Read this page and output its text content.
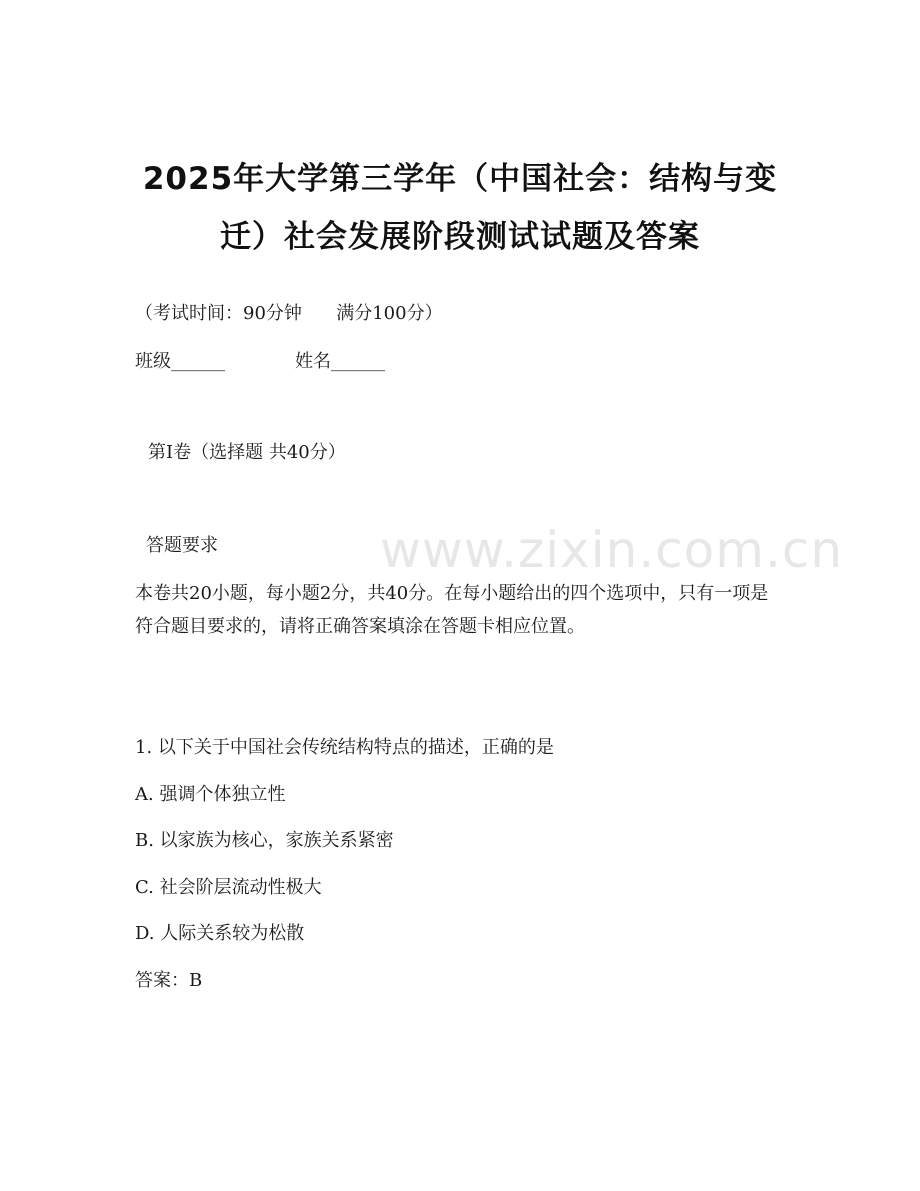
2025年大学第三学年（中国社会：结构与变迁）社会发展阶段测试试题及答案

（考试时间：90分钟      满分100分）

班级______	姓名______

第I卷（选择题 共40分）

答题要求

本卷共20小题，每小题2分，共40分。在每小题给出的四个选项中，只有一项是符合题目要求的，请将正确答案填涂在答题卡相应位置。

www.zixin.com.cn

1. 以下关于中国社会传统结构特点的描述，正确的是

A. 强调个体独立性

B. 以家族为核心，家族关系紧密

C. 社会阶层流动性极大

D. 人际关系较为松散

答案：B
